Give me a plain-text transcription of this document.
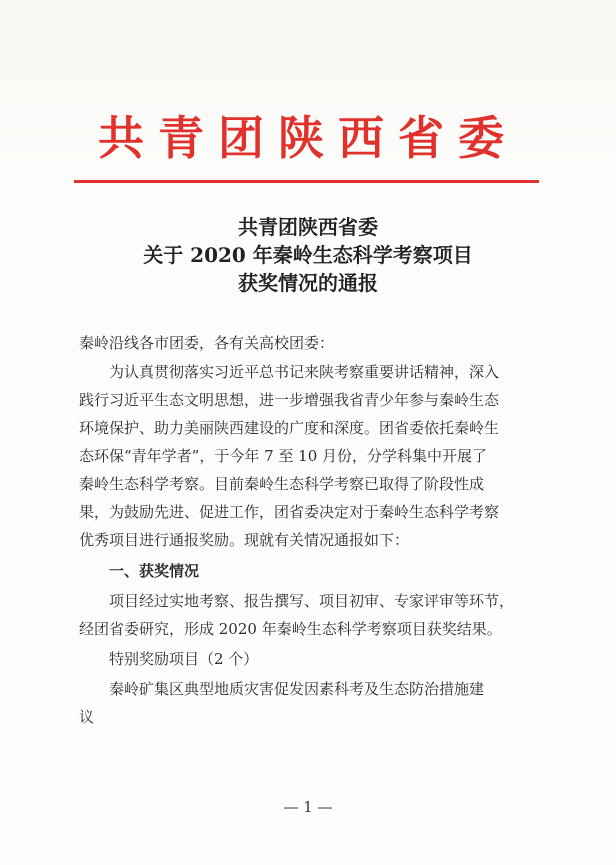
共青团陕西省委
共青团陕西省委
关于 2020 年秦岭生态科学考察项目
获奖情况的通报
秦岭沿线各市团委，各有关高校团委：
为认真贯彻落实习近平总书记来陕考察重要讲话精神，深入
践行习近平生态文明思想，进一步增强我省青少年参与秦岭生态
环境保护、助力美丽陕西建设的广度和深度。团省委依托秦岭生
态环保“青年学者”，于今年 7 至 10 月份，分学科集中开展了
秦岭生态科学考察。目前秦岭生态科学考察已取得了阶段性成
果，为鼓励先进、促进工作，团省委决定对于秦岭生态科学考察
优秀项目进行通报奖励。现就有关情况通报如下：
一、获奖情况
项目经过实地考察、报告撰写、项目初审、专家评审等环节，
经团省委研究，形成 2020 年秦岭生态科学考察项目获奖结果。
特别奖励项目（2 个）
秦岭矿集区典型地质灾害促发因素科考及生态防治措施建
议
— 1 —
